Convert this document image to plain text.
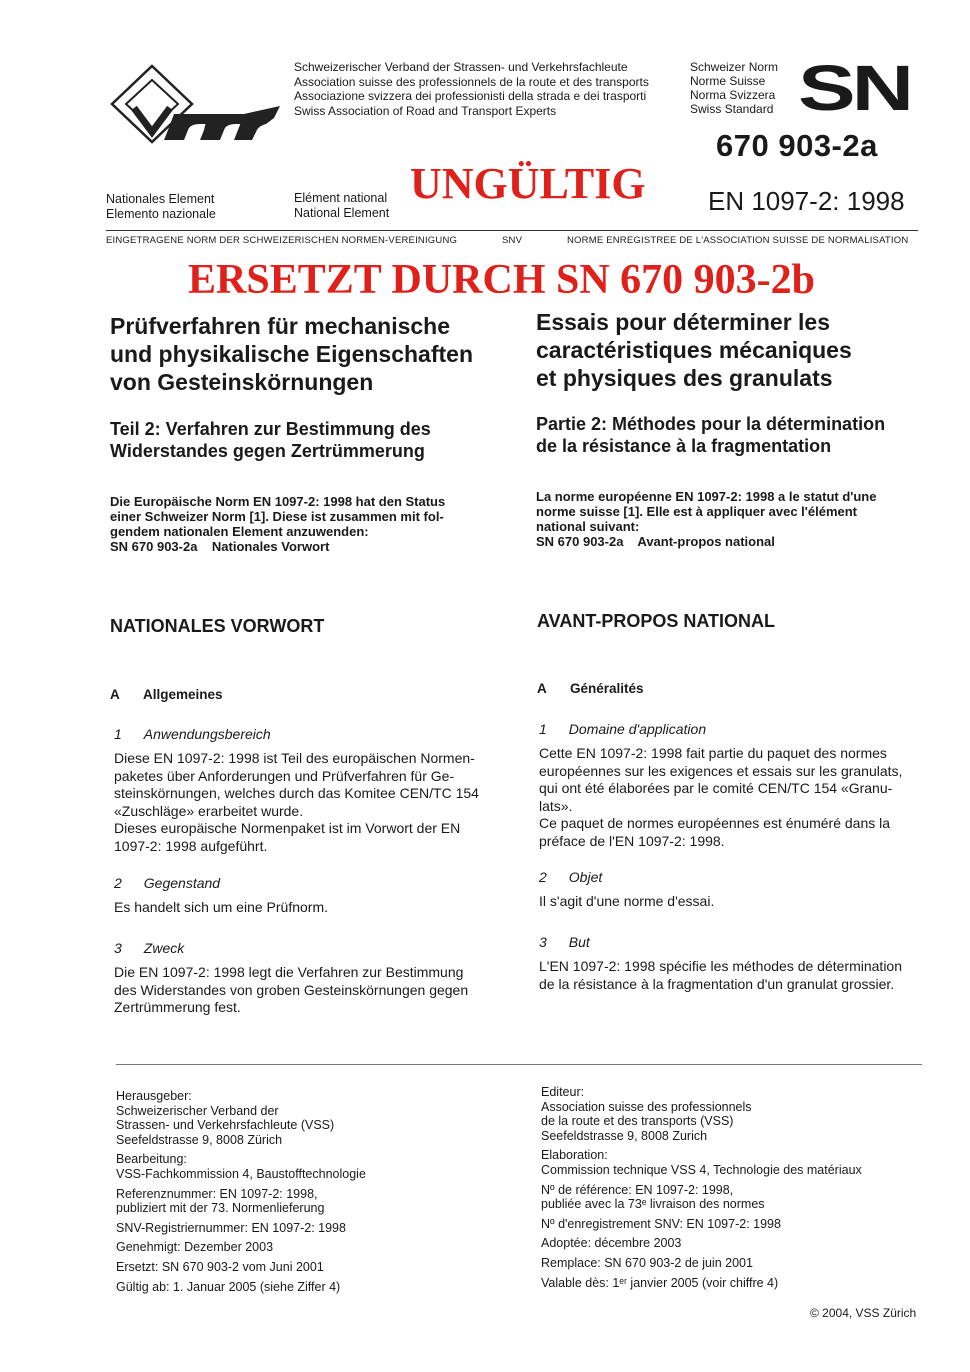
Schweizerischer Verband der Strassen- und Verkehrsfachleute
Association suisse des professionnels de la route et des transports
Associazione svizzera dei professionisti della strada e dei trasporti
Swiss Association of Road and Transport Experts
Schweizer Norm
Norme Suisse
Norma Svizzera
Swiss Standard SN
670 903-2a
Nationales Element
Elemento nazionale
Elément national
National Element
UNGÜLTIG EN 1097-2: 1998
EINGETRAGENE NORM DER SCHWEIZERISCHEN NORMEN-VEREINIGUNG	SNV	NORME ENREGISTREE DE L'ASSOCIATION SUISSE DE NORMALISATION
ERSETZT DURCH SN 670 903-2b
Prüfverfahren für mechanische
und physikalische Eigenschaften
von Gesteinskörnungen
Teil 2: Verfahren zur Bestimmung des
Widerstandes gegen Zertrümmerung
Die Europäische Norm EN 1097-2: 1998 hat den Status
einer Schweizer Norm [1]. Diese ist zusammen mit fol-
gendem nationalen Element anzuwenden:
SN 670 903-2a    Nationales Vorwort
NATIONALES VORWORT
A Allgemeines
1 Anwendungsbereich
Diese EN 1097-2: 1998 ist Teil des europäischen Normen-
paketes über Anforderungen und Prüfverfahren für Ge-
steinskörnungen, welches durch das Komitee CEN/TC 154
«Zuschläge» erarbeitet wurde.
Dieses europäische Normenpaket ist im Vorwort der EN
1097-2: 1998 aufgeführt.
2 Gegenstand
Es handelt sich um eine Prüfnorm.
3 Zweck
Die EN 1097-2: 1998 legt die Verfahren zur Bestimmung
des Widerstandes von groben Gesteinskörnungen gegen
Zertrümmerung fest.
Essais pour déterminer les
caractéristiques mécaniques
et physiques des granulats
Partie 2: Méthodes pour la détermination
de la résistance à la fragmentation
La norme européenne EN 1097-2: 1998 a le statut d'une
norme suisse [1]. Elle est à appliquer avec l'élément
national suivant:
SN 670 903-2a    Avant-propos national
AVANT-PROPOS NATIONAL
A Généralités
1 Domaine d'application
Cette EN 1097-2: 1998 fait partie du paquet des normes
européennes sur les exigences et essais sur les granulats,
qui ont été élaborées par le comité CEN/TC 154 «Granu-
lats».
Ce paquet de normes européennes est énuméré dans la
préface de l'EN 1097-2: 1998.
2 Objet
Il s'agit d'une norme d'essai.
3 But
L'EN 1097-2: 1998 spécifie les méthodes de détermination
de la résistance à la fragmentation d'un granulat grossier.
Herausgeber:
Schweizerischer Verband der
Strassen- und Verkehrsfachleute (VSS)
Seefeldstrasse 9, 8008 Zürich
Bearbeitung:
VSS-Fachkommission 4, Baustofftechnologie
Referenznummer: EN 1097-2: 1998,
publiziert mit der 73. Normenlieferung
SNV-Registriernummer: EN 1097-2: 1998
Genehmigt: Dezember 2003
Ersetzt: SN 670 903-2 vom Juni 2001
Gültig ab: 1. Januar 2005 (siehe Ziffer 4)
Editeur:
Association suisse des professionnels
de la route et des transports (VSS)
Seefeldstrasse 9, 8008 Zurich
Elaboration:
Commission technique VSS 4, Technologie des matériaux
Nº de référence: EN 1097-2: 1998,
publiée avec la 73ᵉ livraison des normes
Nº d'enregistrement SNV: EN 1097-2: 1998
Adoptée: décembre 2003
Remplace: SN 670 903-2 de juin 2001
Valable dès: 1ᵉʳ janvier 2005 (voir chiffre 4)
© 2004, VSS Zürich
